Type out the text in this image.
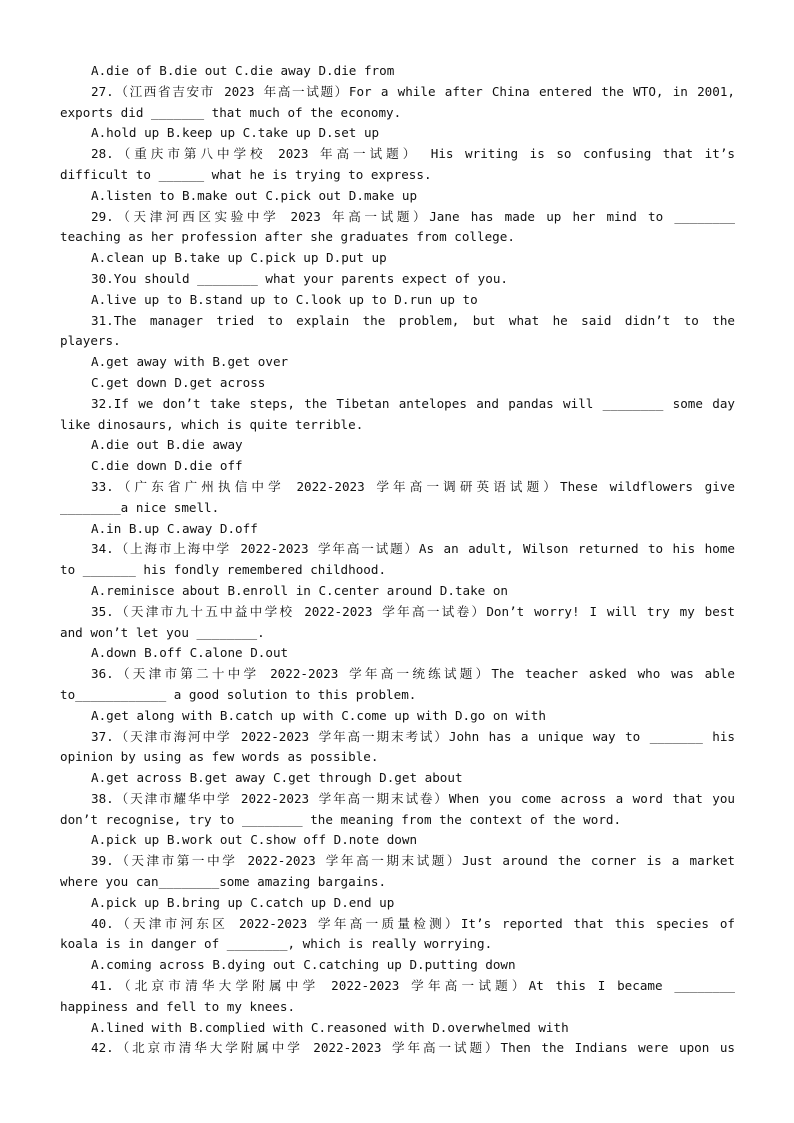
A.die of B.die out C.die away D.die from
27.（江西省吉安市 2023 年高一试题）For a while after China entered the WTO, in 2001,
exports did _______ that much of the economy.
A.hold up B.keep up C.take up D.set up
28.（重庆市第八中学校 2023 年高一试题） His writing is so confusing that it’s
difficult to ______ what he is trying to express.
A.listen to B.make out C.pick out D.make up
29.（天津河西区实验中学 2023 年高一试题）Jane has made up her mind to ________
teaching as her profession after she graduates from college.
A.clean up B.take up C.pick up D.put up
30.You should ________ what your parents expect of you.
A.live up to B.stand up to C.look up to D.run up to
31.The manager tried to explain the problem, but what he said didn’t to the
players.
A.get away with B.get over
C.get down D.get across
32.If we don’t take steps, the Tibetan antelopes and pandas will ________ some day
like dinosaurs, which is quite terrible.
A.die out B.die away
C.die down D.die off
33.（广东省广州执信中学 2022-2023 学年高一调研英语试题）These wildflowers give
________a nice smell.
A.in B.up C.away D.off
34.（上海市上海中学 2022-2023 学年高一试题）As an adult, Wilson returned to his home
to _______ his fondly remembered childhood.
A.reminisce about B.enroll in C.center around D.take on
35.（天津市九十五中益中学校 2022-2023 学年高一试卷）Don’t worry! I will try my best
and won’t let you ________.
A.down B.off C.alone D.out
36.（天津市第二十中学 2022-2023 学年高一统练试题）The teacher asked who was able
to____________ a good solution to this problem.
A.get along with B.catch up with C.come up with D.go on with
37.（天津市海河中学 2022-2023 学年高一期末考试）John has a unique way to _______ his
opinion by using as few words as possible.
A.get across B.get away C.get through D.get about
38.（天津市耀华中学 2022-2023 学年高一期末试卷）When you come across a word that you
don’t recognise, try to ________ the meaning from the context of the word.
A.pick up B.work out C.show off D.note down
39.（天津市第一中学 2022-2023 学年高一期末试题）Just around the corner is a market
where you can________some amazing bargains.
A.pick up B.bring up C.catch up D.end up
40.（天津市河东区 2022-2023 学年高一质量检测）It’s reported that this species of
koala is in danger of ________, which is really worrying.
A.coming across B.dying out C.catching up D.putting down
41.（北京市清华大学附属中学 2022-2023 学年高一试题）At this I became ________
happiness and fell to my knees.
A.lined with B.complied with C.reasoned with D.overwhelmed with
42.（北京市清华大学附属中学 2022-2023 学年高一试题）Then the Indians were upon us
